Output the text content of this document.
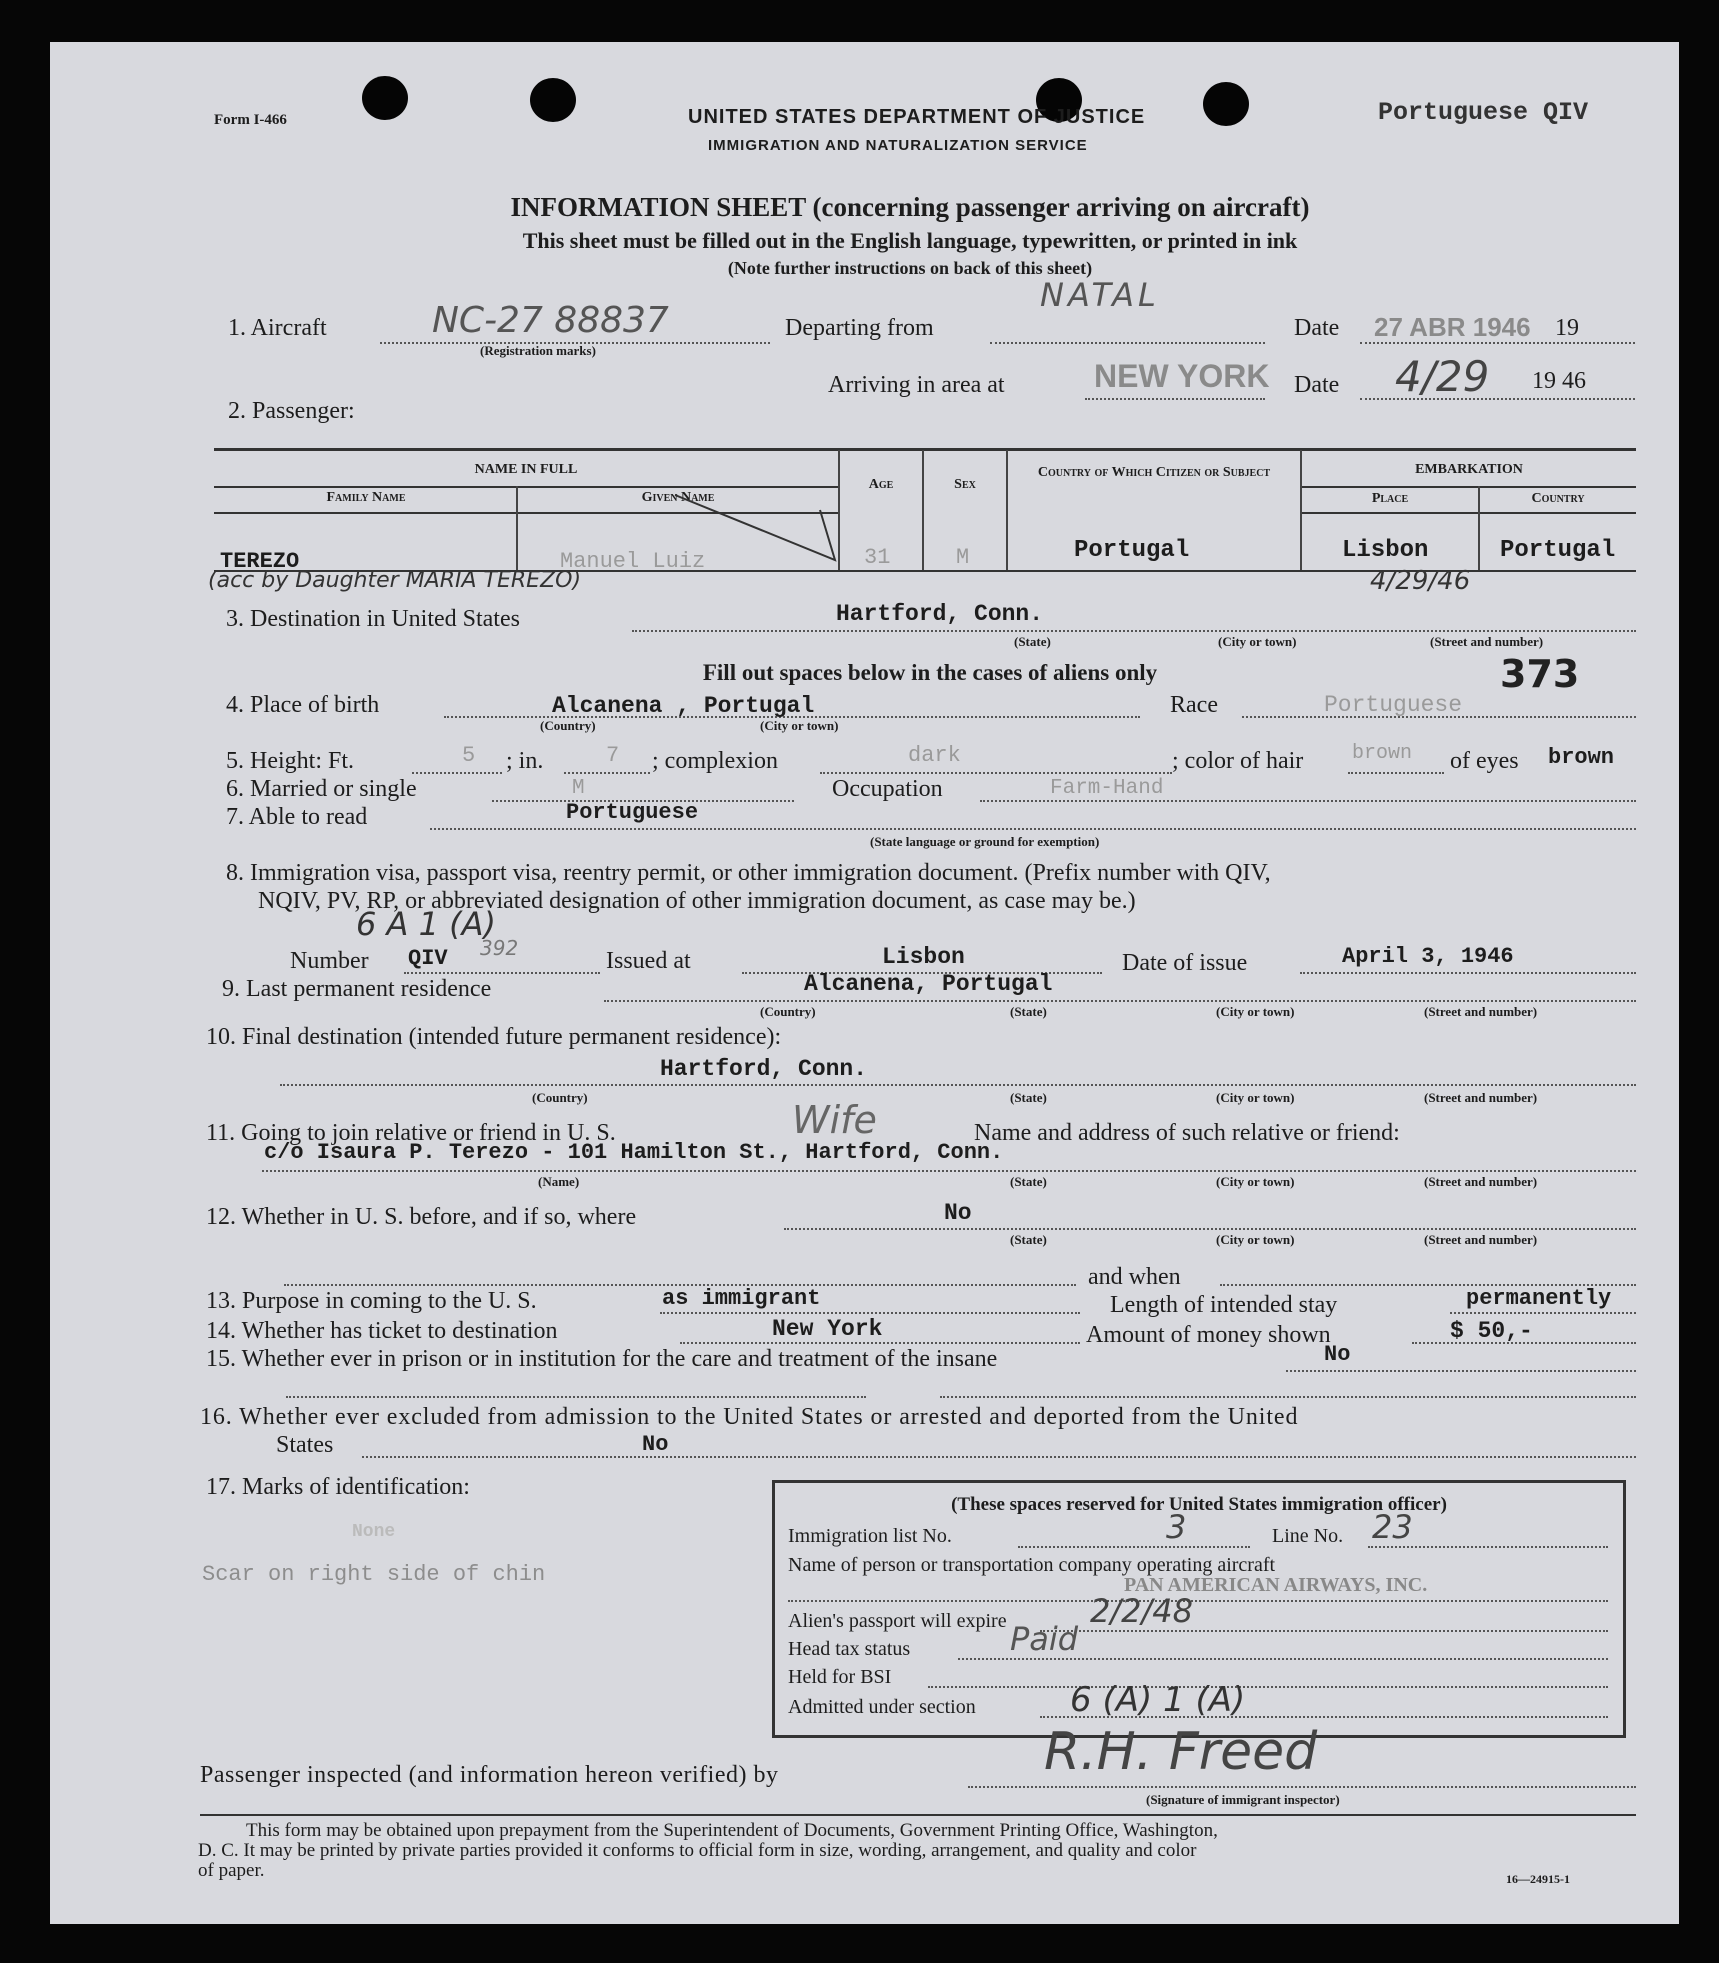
Form I-466	UNITED STATES DEPARTMENT OF JUSTICE
IMMIGRATION AND NATURALIZATION SERVICE
Portuguese QIV
INFORMATION SHEET (concerning passenger arriving on aircraft)
This sheet must be filled out in the English language, typewritten, or printed in ink
(Note further instructions on back of this sheet)
1. Aircraft	NC-27 88837
(Registration marks)
Departing from
NATAL
Date 27 ABR 1946 19
Arriving in area at	NEW YORK Date 4/29 19 46
2. Passenger:
NAME IN FULL
Family Name	Given Name
Age	Sex
Country of Which Citizen or Subject	EMBARKATION
Place	Country
TEREZO	Manuel Luiz	31	M	Portugal	Lisbon	Portugal
(acc by Daughter MARIA TEREZO)	4/29/46
3. Destination in United States	Hartford, Conn.
(State)	(City or town)	(Street and number)
Fill out spaces below in the cases of aliens only	373
4. Place of birth	Alcanena , Portugal
(Country)	(City or town)
Race	Portuguese
5. Height: Ft.	5 ; in.	7 ; complexion	dark	; color of hair brown of eyes brown
6. Married or single	M	Occupation	Farm-Hand
7. Able to read	Portuguese
(State language or ground for exemption)
8. Immigration visa, passport visa, reentry permit, or other immigration document. (Prefix number with QIV,
NQIV, PV, RP, or abbreviated designation of other immigration document, as case may be.)
6 A 1 (A)
Number QIV 392	Issued at	Lisbon	Date of issue	April 3, 1946
9. Last permanent residence	Alcanena, Portugal
(Country)	(State)	(City or town)	(Street and number)
10. Final destination (intended future permanent residence):
Hartford, Conn.
(Country)	(State)	(City or town)	(Street and number)
11. Going to join relative or friend in U. S.	Wife	Name and address of such relative or friend:
c/o Isaura P. Terezo - 101 Hamilton St., Hartford, Conn.
(Name)	(State)	(City or town)	(Street and number)
12. Whether in U. S. before, and if so, where	No
(State)	(City or town)	(Street and number)
and when
13. Purpose in coming to the U. S.	as immigrant	Length of intended stay	permanently
14. Whether has ticket to destination	New York	Amount of money shown	$ 50,-
15. Whether ever in prison or in institution for the care and treatment of the insane	No
16. Whether ever excluded from admission to the United States or arrested and deported from the United
States	No
17. Marks of identification:
None
Scar on right side of chin
(These spaces reserved for United States immigration officer)
Immigration list No.	3	Line No. 23
Name of person or transportation company operating aircraft
PAN AMERICAN AIRWAYS, INC.
Alien's passport will expire	2/2/48
Head tax status	Paid
Held for BSI
Admitted under section	6 (A) 1 (A)
Passenger inspected (and information hereon verified) by	R.H. Freed
(Signature of immigrant inspector)
This form may be obtained upon prepayment from the Superintendent of Documents, Government Printing Office, Washington,
D. C. It may be printed by private parties provided it conforms to official form in size, wording, arrangement, and quality and color
of paper.	16—24915-1
